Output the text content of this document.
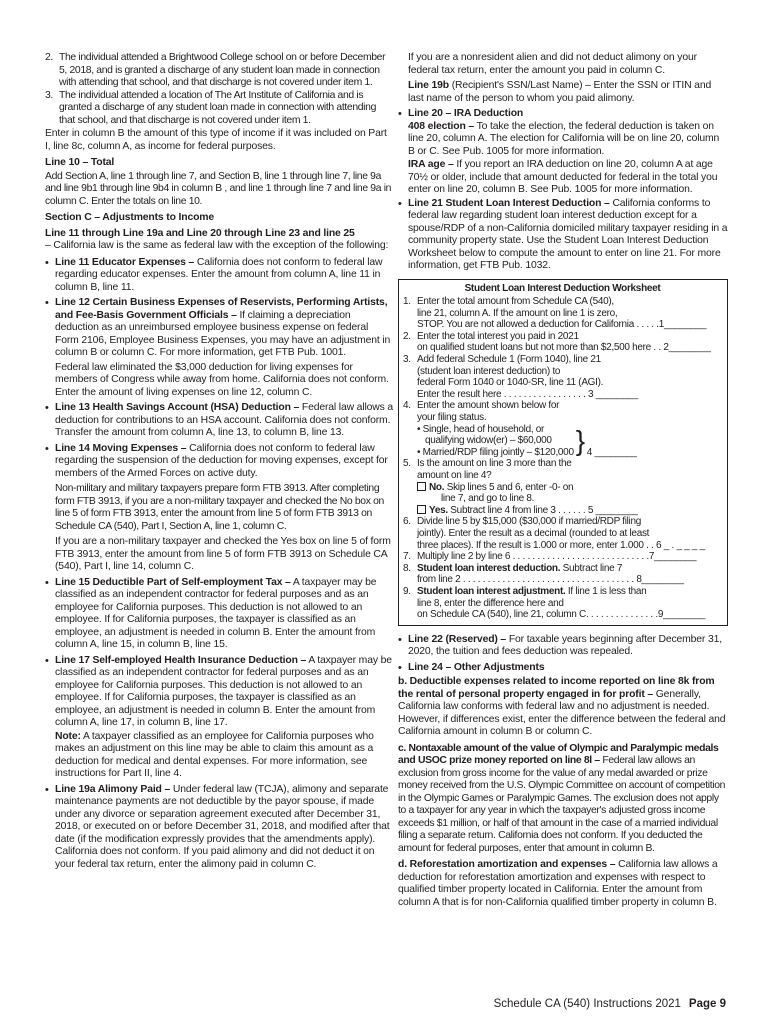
2. The individual attended a Brightwood College school on or before December 5, 2018, and is granted a discharge of any student loan made in connection with attending that school, and that discharge is not covered under item 1.
3. The individual attended a location of The Art Institute of California and is granted a discharge of any student loan made in connection with attending that school, and that discharge is not covered under item 1.

Enter in column B the amount of this type of income if it was included on Part I, line 8c, column A, as income for federal purposes.

Line 10 – Total

Add Section A, line 1 through line 7, and Section B, line 1 through line 7, line 9a and line 9b1 through line 9b4 in column B , and line 1 through line 7 and line 9a in column C. Enter the totals on line 10.

Section C – Adjustments to Income
Line 11 through Line 19a and Line 20 through Line 23 and line 25

– California law is the same as federal law with the exception of the following:

• Line 11 Educator Expenses – California does not conform to federal law regarding educator expenses. Enter the amount from column A, line 11 in column B, line 11.
• Line 12 Certain Business Expenses of Reservists, Performing Artists, and Fee-Basis Government Officials – If claiming a depreciation deduction as an unreimbursed employee business expense on federal Form 2106, Employee Business Expenses, you may have an adjustment in column B or column C. For more information, get FTB Pub. 1001.
Federal law eliminated the $3,000 deduction for living expenses for members of Congress while away from home. California does not conform. Enter the amount of living expenses on line 12, column C.
• Line 13 Health Savings Account (HSA) Deduction – Federal law allows a deduction for contributions to an HSA account. California does not conform. Transfer the amount from column A, line 13, to column B, line 13.
• Line 14 Moving Expenses – California does not conform to federal law regarding the suspension of the deduction for moving expenses, except for members of the Armed Forces on active duty.
Non-military and military taxpayers prepare form FTB 3913. After completing form FTB 3913, if you are a non-military taxpayer and checked the No box on line 5 of form FTB 3913, enter the amount from line 5 of form FTB 3913 on Schedule CA (540), Part I, Section A, line 1, column C.
If you are a non-military taxpayer and checked the Yes box on line 5 of form FTB 3913, enter the amount from line 5 of form FTB 3913 on Schedule CA (540), Part I, line 14, column C.
• Line 15 Deductible Part of Self-employment Tax – A taxpayer may be classified as an independent contractor for federal purposes and as an employee for California purposes. This deduction is not allowed to an employee. If for California purposes, the taxpayer is classified as an employee, an adjustment is needed in column B. Enter the amount from column A, line 15, in column B, line 15.
• Line 17 Self-employed Health Insurance Deduction – A taxpayer may be classified as an independent contractor for federal purposes and as an employee for California purposes. This deduction is not allowed to an employee. If for California purposes, the taxpayer is classified as an employee, an adjustment is needed in column B. Enter the amount from column A, line 17, in column B, line 17.
Note: A taxpayer classified as an employee for California purposes who makes an adjustment on this line may be able to claim this amount as a deduction for medical and dental expenses. For more information, see instructions for Part II, line 4.
• Line 19a Alimony Paid – Under federal law (TCJA), alimony and separate maintenance payments are not deductible by the payor spouse, if made under any divorce or separation agreement executed after December 31, 2018, or executed on or before December 31, 2018, and modified after that date (if the modification expressly provides that the amendments apply). California does not conform. If you paid alimony and did not deduct it on your federal tax return, enter the alimony paid in column C.
If you are a nonresident alien and did not deduct alimony on your federal tax return, enter the amount you paid in column C.
Line 19b (Recipient's SSN/Last Name) – Enter the SSN or ITIN and last name of the person to whom you paid alimony.
• Line 20 – IRA Deduction
408 election – To take the election, the federal deduction is taken on line 20, column A. The election for California will be on line 20, column B or C. See Pub. 1005 for more information.
IRA age – If you report an IRA deduction on line 20, column A at age 70½ or older, include that amount deducted for federal in the total you enter on line 20, column B. See Pub. 1005 for more information.
• Line 21 Student Loan Interest Deduction – California conforms to federal law regarding student loan interest deduction except for a spouse/RDP of a non-California domiciled military taxpayer residing in a community property state. Use the Student Loan Interest Deduction Worksheet below to compute the amount to enter on line 21. For more information, get FTB Pub. 1032.
Student Loan Interest Deduction Worksheet
1. Enter the total amount from Schedule CA (540),
line 21, column A. If the amount on line 1 is zero,
STOP. You are not allowed a deduction for California . . . . .1________
2. Enter the total interest you paid in 2021
on qualified student loans but not more than $2,500 here . . 2________
3. Add federal Schedule 1 (Form 1040), line 21
(student loan interest deduction) to
federal Form 1040 or 1040-SR, line 11 (AGI).
Enter the result here . . . . . . . . . . . . . . . . . 3 ________
4. Enter the amount shown below for
your filing status.
• Single, head of household, or
qualifying widow(er) – $60,000
• Married/RDP filing jointly – $120,000 } 4 ________
5. Is the amount on line 3 more than the
amount on line 4?
No. Skip lines 5 and 6, enter -0- on
line 7, and go to line 8.
Yes. Subtract line 4 from line 3 . . . . . . 5 ________
6. Divide line 5 by $15,000 ($30,000 if married/RDP filing
jointly). Enter the result as a decimal (rounded to at least
three places). If the result is 1.000 or more, enter 1.000 . . 6 _ . _ _ _ _
7. Multiply line 2 by line 6 . . . . . . . . . . . . . . . . . . . . . . . . . . . .7________
8. Student loan interest deduction. Subtract line 7
from line 2 . . . . . . . . . . . . . . . . . . . . . . . . . . . . . . . . . . . 8________
9. Student loan interest adjustment. If line 1 is less than
line 8, enter the difference here and
on Schedule CA (540), line 21, column C. . . . . . . . . . . . . . .9________
• Line 22 (Reserved) – For taxable years beginning after December 31, 2020, the tuition and fees deduction was repealed.
• Line 24 – Other Adjustments

b. Deductible expenses related to income reported on line 8k from the rental of personal property engaged in for profit – Generally, California law conforms with federal law and no adjustment is needed. However, if differences exist, enter the difference between the federal and California amount in column B or column C.

c. Nontaxable amount of the value of Olympic and Paralympic medals and USOC prize money reported on line 8l – Federal law allows an exclusion from gross income for the value of any medal awarded or prize money received from the U.S. Olympic Committee on account of competition in the Olympic Games or Paralympic Games. The exclusion does not apply to a taxpayer for any year in which the taxpayer's adjusted gross income exceeds $1 million, or half of that amount in the case of a married individual filing a separate return. California does not conform. If you deducted the amount for federal purposes, enter that amount in column B.

d. Reforestation amortization and expenses – California law allows a deduction for reforestation amortization and expenses with respect to qualified timber property located in California. Enter the amount from column A that is for non-California qualified timber property in column B.

Schedule CA (540) Instructions 2021 Page 9
